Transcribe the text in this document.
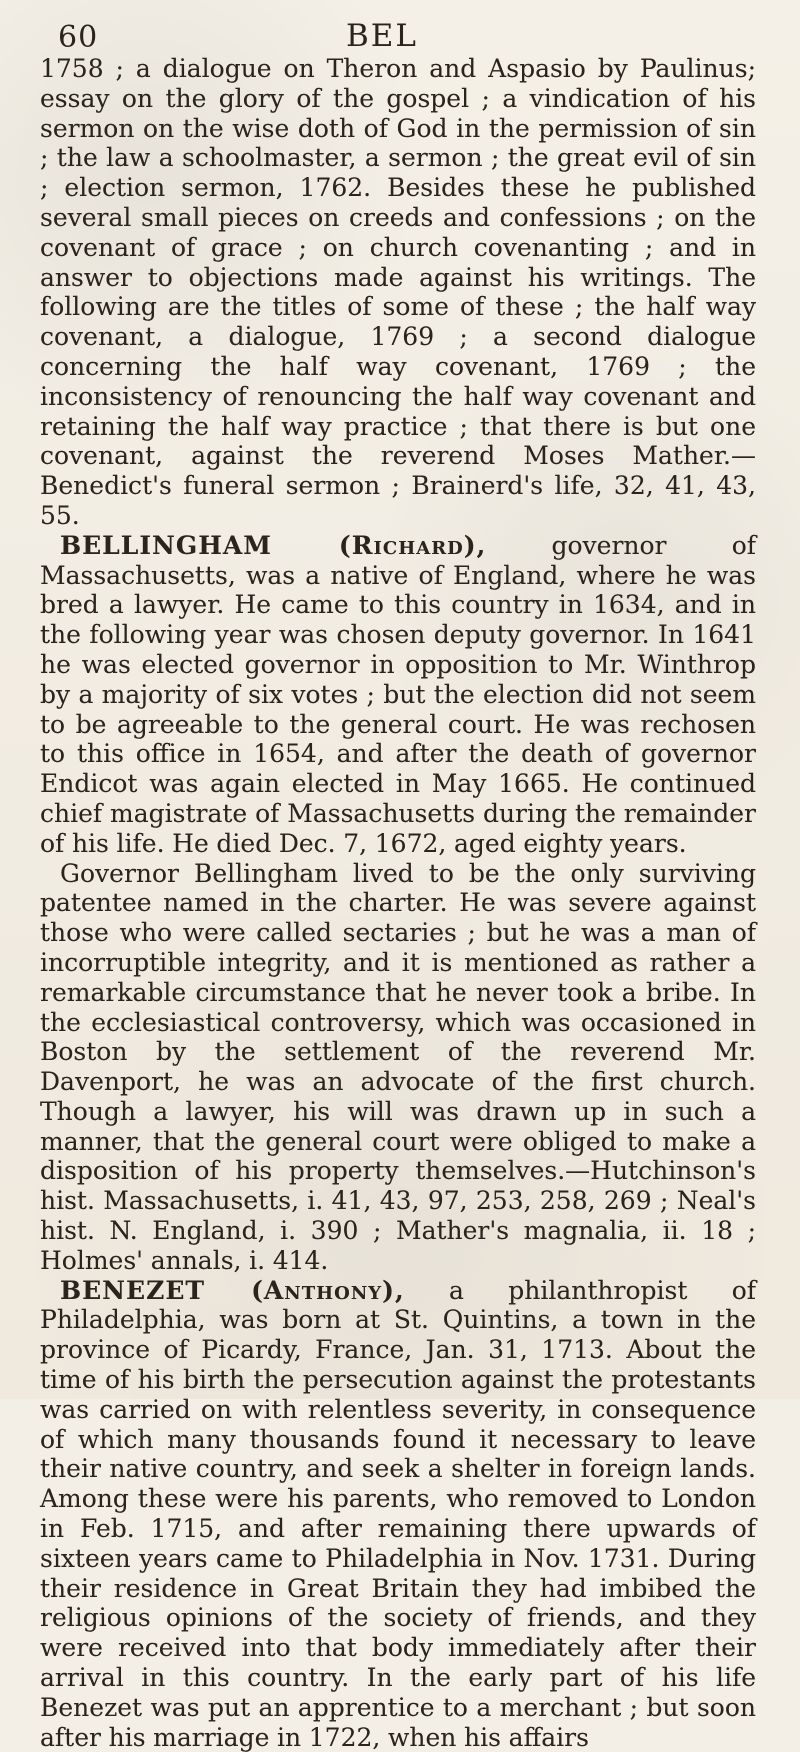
60	BEL

1758 ; a dialogue on Theron and Aspasio by Paulinus; essay on the glory of the gospel ; a vindication of his sermon on the wise doth of God in the permission of sin ; the law a schoolmaster, a sermon ; the great evil of sin ; election sermon, 1762. Besides these he published several small pieces on creeds and confessions ; on the covenant of grace ; on church covenanting ; and in answer to objections made against his writings. The following are the titles of some of these ; the half way covenant, a dialogue, 1769 ; a second dialogue concerning the half way covenant, 1769 ; the inconsistency of renouncing the half way covenant and retaining the half way practice ; that there is but one covenant, against the reverend Moses Mather.—Benedict's funeral sermon ; Brainerd's life, 32, 41, 43, 55.

BELLINGHAM (Richard), governor of Massachusetts, was a native of England, where he was bred a lawyer. He came to this country in 1634, and in the following year was chosen deputy governor. In 1641 he was elected governor in opposition to Mr. Winthrop by a majority of six votes ; but the election did not seem to be agreeable to the general court. He was rechosen to this office in 1654, and after the death of governor Endicot was again elected in May 1665. He continued chief magistrate of Massachusetts during the remainder of his life. He died Dec. 7, 1672, aged eighty years.

Governor Bellingham lived to be the only surviving patentee named in the charter. He was severe against those who were called sectaries ; but he was a man of incorruptible integrity, and it is mentioned as rather a remarkable circumstance that he never took a bribe. In the ecclesiastical controversy, which was occasioned in Boston by the settlement of the reverend Mr. Davenport, he was an advocate of the first church. Though a lawyer, his will was drawn up in such a manner, that the general court were obliged to make a disposition of his property themselves.—Hutchinson's hist. Massachusetts, i. 41, 43, 97, 253, 258, 269 ; Neal's hist. N. England, i. 390 ; Mather's magnalia, ii. 18 ; Holmes' annals, i. 414.

BENEZET (Anthony), a philanthropist of Philadelphia, was born at St. Quintins, a town in the province of Picardy, France, Jan. 31, 1713. About the time of his birth the persecution against the protestants was carried on with relentless severity, in consequence of which many thousands found it necessary to leave their native country, and seek a shelter in foreign lands. Among these were his parents, who removed to London in Feb. 1715, and after remaining there upwards of sixteen years came to Philadelphia in Nov. 1731. During their residence in Great Britain they had imbibed the religious opinions of the society of friends, and they were received into that body immediately after their arrival in this country. In the early part of his life Benezet was put an apprentice to a merchant ; but soon after his marriage in 1722, when his affairs
